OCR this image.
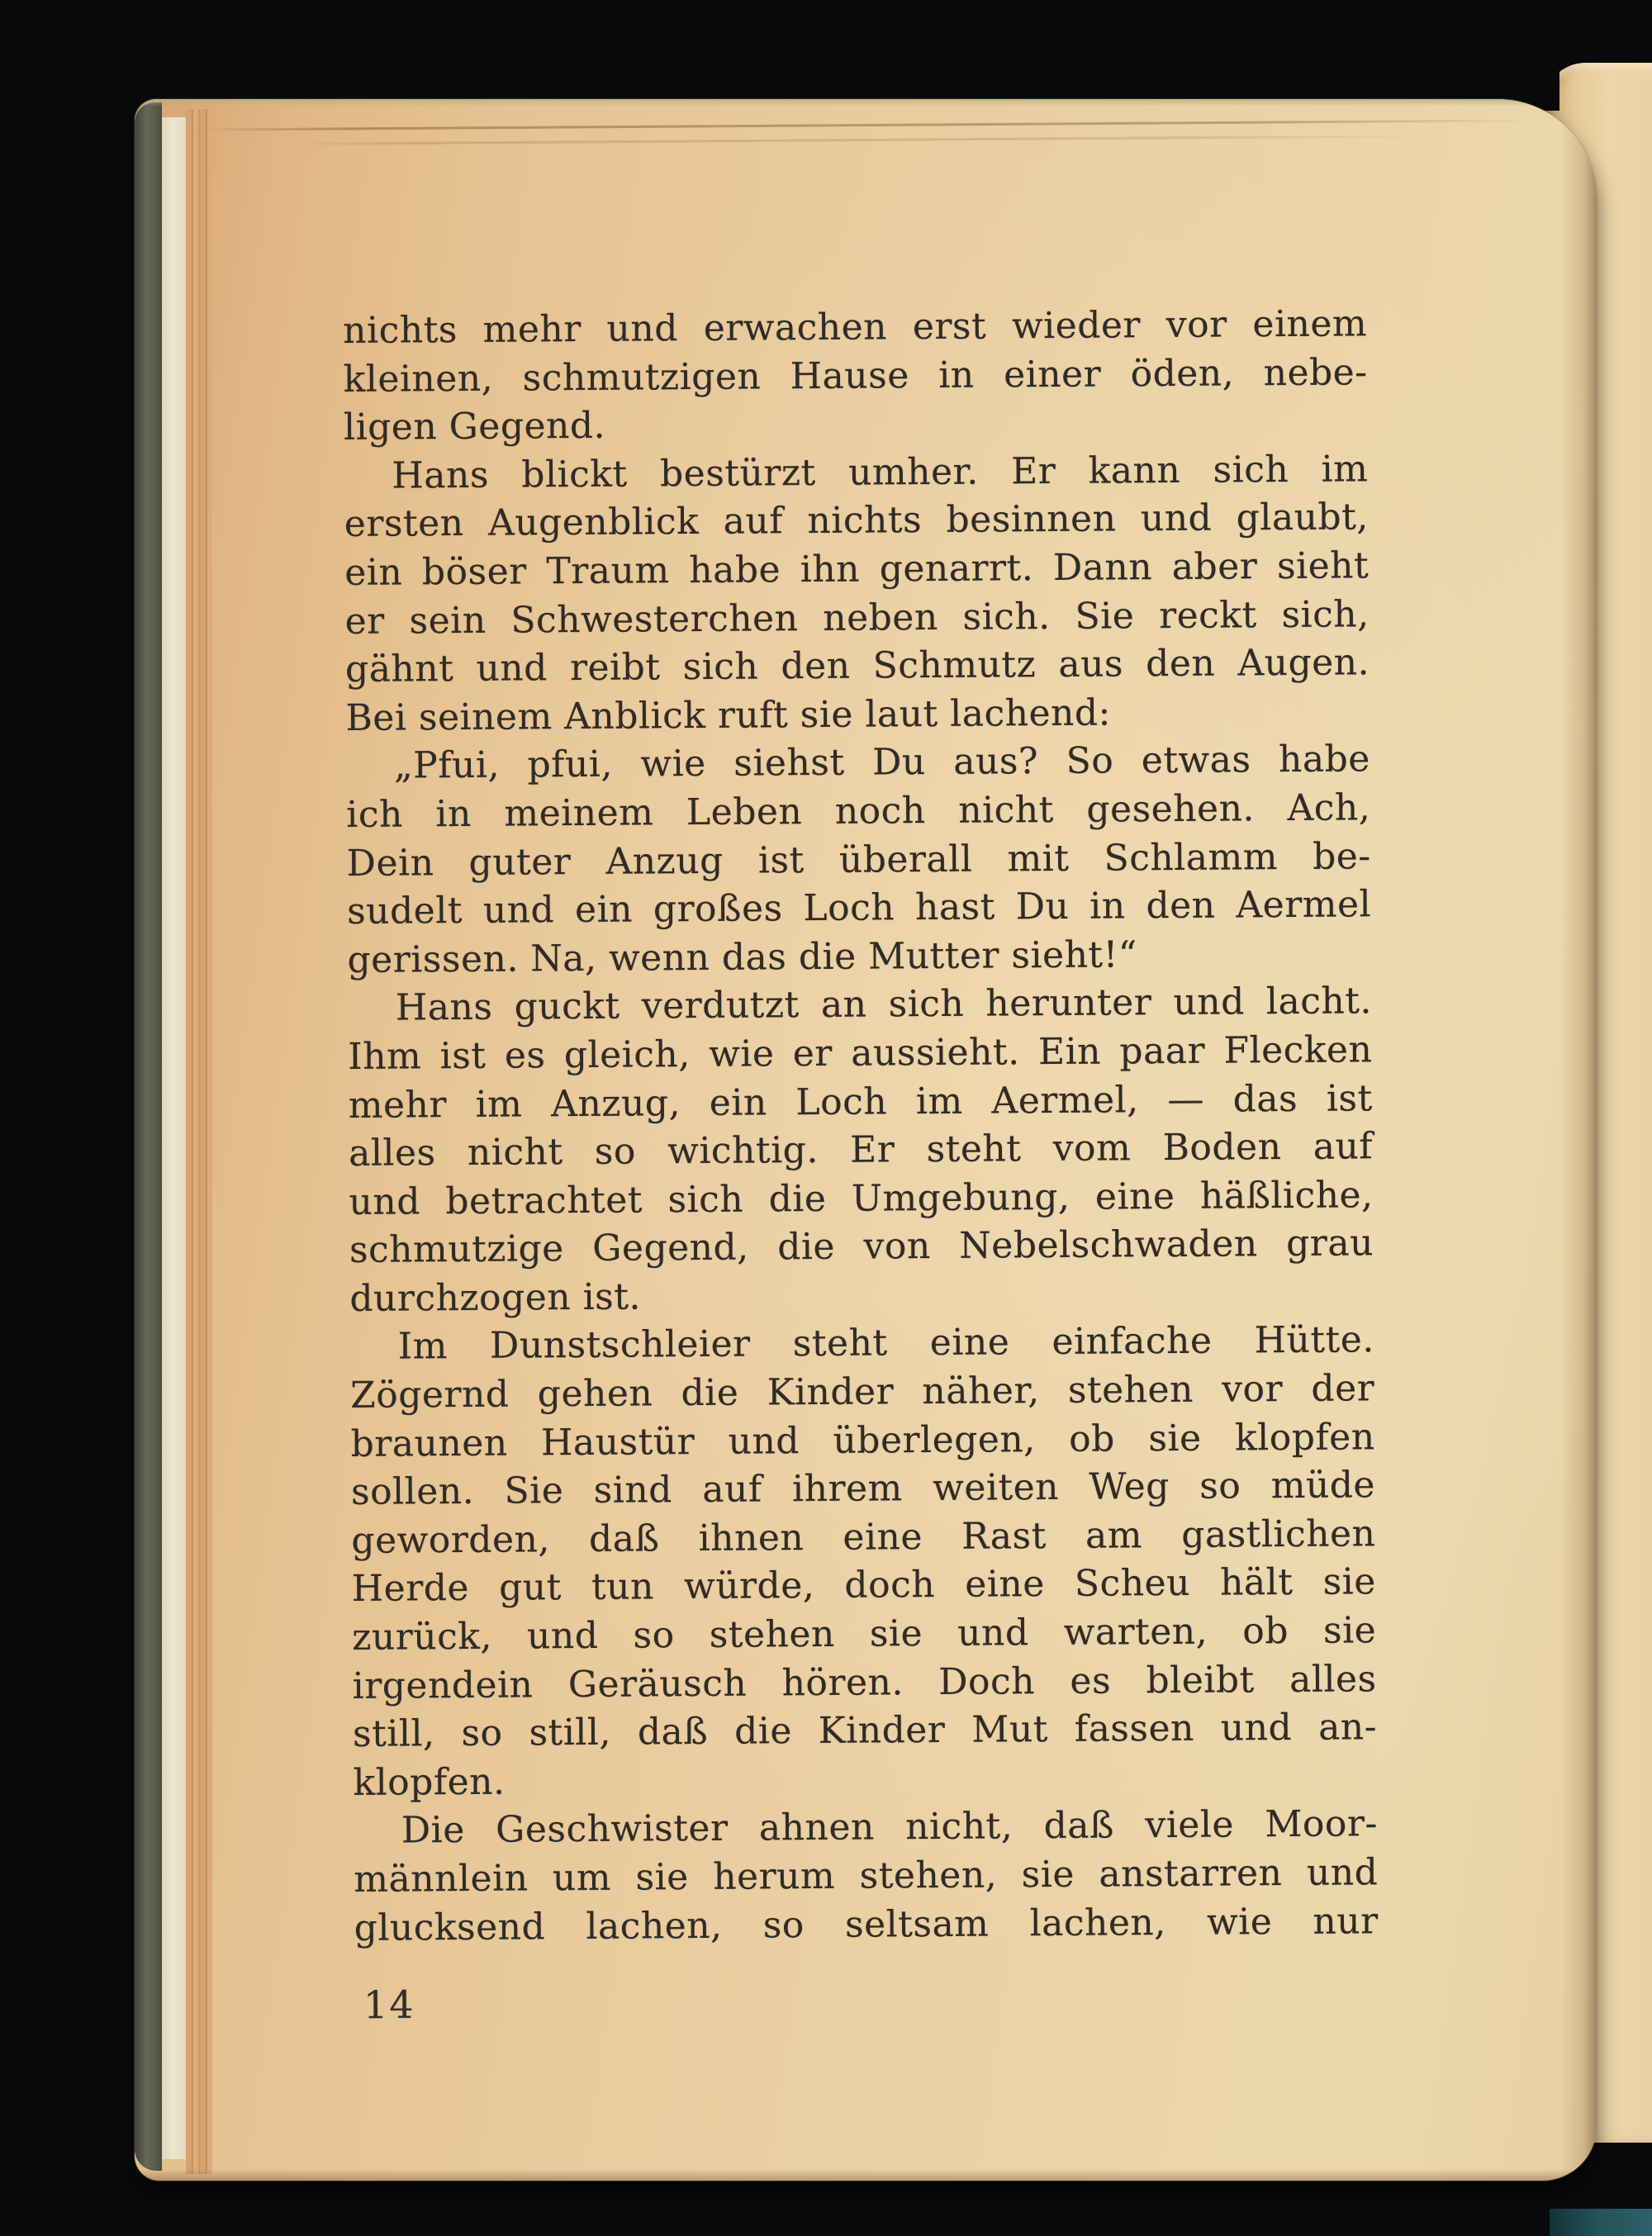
nichts mehr und erwachen erst wieder vor einem
kleinen, schmutzigen Hause in einer öden, nebe-
ligen Gegend.
Hans blickt bestürzt umher. Er kann sich im
ersten Augenblick auf nichts besinnen und glaubt,
ein böser Traum habe ihn genarrt. Dann aber sieht
er sein Schwesterchen neben sich. Sie reckt sich,
gähnt und reibt sich den Schmutz aus den Augen.
Bei seinem Anblick ruft sie laut lachend:
„Pfui, pfui, wie siehst Du aus? So etwas habe
ich in meinem Leben noch nicht gesehen. Ach,
Dein guter Anzug ist überall mit Schlamm be-
sudelt und ein großes Loch hast Du in den Aermel
gerissen. Na, wenn das die Mutter sieht!“
Hans guckt verdutzt an sich herunter und lacht.
Ihm ist es gleich, wie er aussieht. Ein paar Flecken
mehr im Anzug, ein Loch im Aermel, — das ist
alles nicht so wichtig. Er steht vom Boden auf
und betrachtet sich die Umgebung, eine häßliche,
schmutzige Gegend, die von Nebelschwaden grau
durchzogen ist.
Im Dunstschleier steht eine einfache Hütte.
Zögernd gehen die Kinder näher, stehen vor der
braunen Haustür und überlegen, ob sie klopfen
sollen. Sie sind auf ihrem weiten Weg so müde
geworden, daß ihnen eine Rast am gastlichen
Herde gut tun würde, doch eine Scheu hält sie
zurück, und so stehen sie und warten, ob sie
irgendein Geräusch hören. Doch es bleibt alles
still, so still, daß die Kinder Mut fassen und an-
klopfen.
Die Geschwister ahnen nicht, daß viele Moor-
männlein um sie herum stehen, sie anstarren und
glucksend lachen, so seltsam lachen, wie nur
14
